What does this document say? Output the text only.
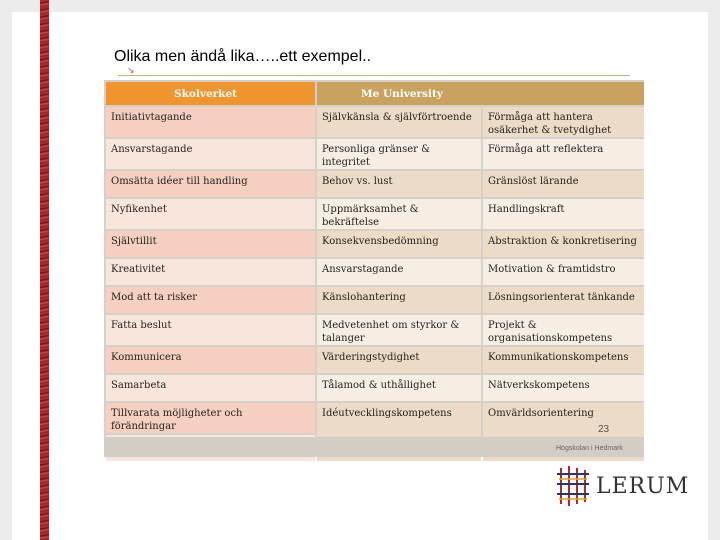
Olika men ändå lika…..ett exempel..
↘
Skolverket	Me University	
Initiativtagande	Självkänsla & självförtroende	Förmåga att hantera osäkerhet & tvetydighet
Ansvarstagande	Personliga gränser & integritet	Förmåga att reflektera
Omsätta idéer till handling	Behov vs. lust	Gränslöst lärande
Nyfikenhet	Uppmärksamhet & bekräftelse	Handlingskraft
Självtillit	Konsekvensbedömning	Abstraktion & konkretisering
Kreativitet	Ansvarstagande	Motivation & framtidstro
Mod att ta risker	Känslohantering	Lösningsorienterat tänkande
Fatta beslut	Medvetenhet om styrkor & talanger	Projekt & organisationskompetens
Kommunicera	Värderingstydighet	Kommunikationskompetens
Samarbeta	Tålamod & uthållighet	Nätverkskompetens
Tillvarata möjligheter och förändringar	Idéutvecklingskompetens	Omvärldsorientering

23
Högskolan i Hedmark
LERUM
